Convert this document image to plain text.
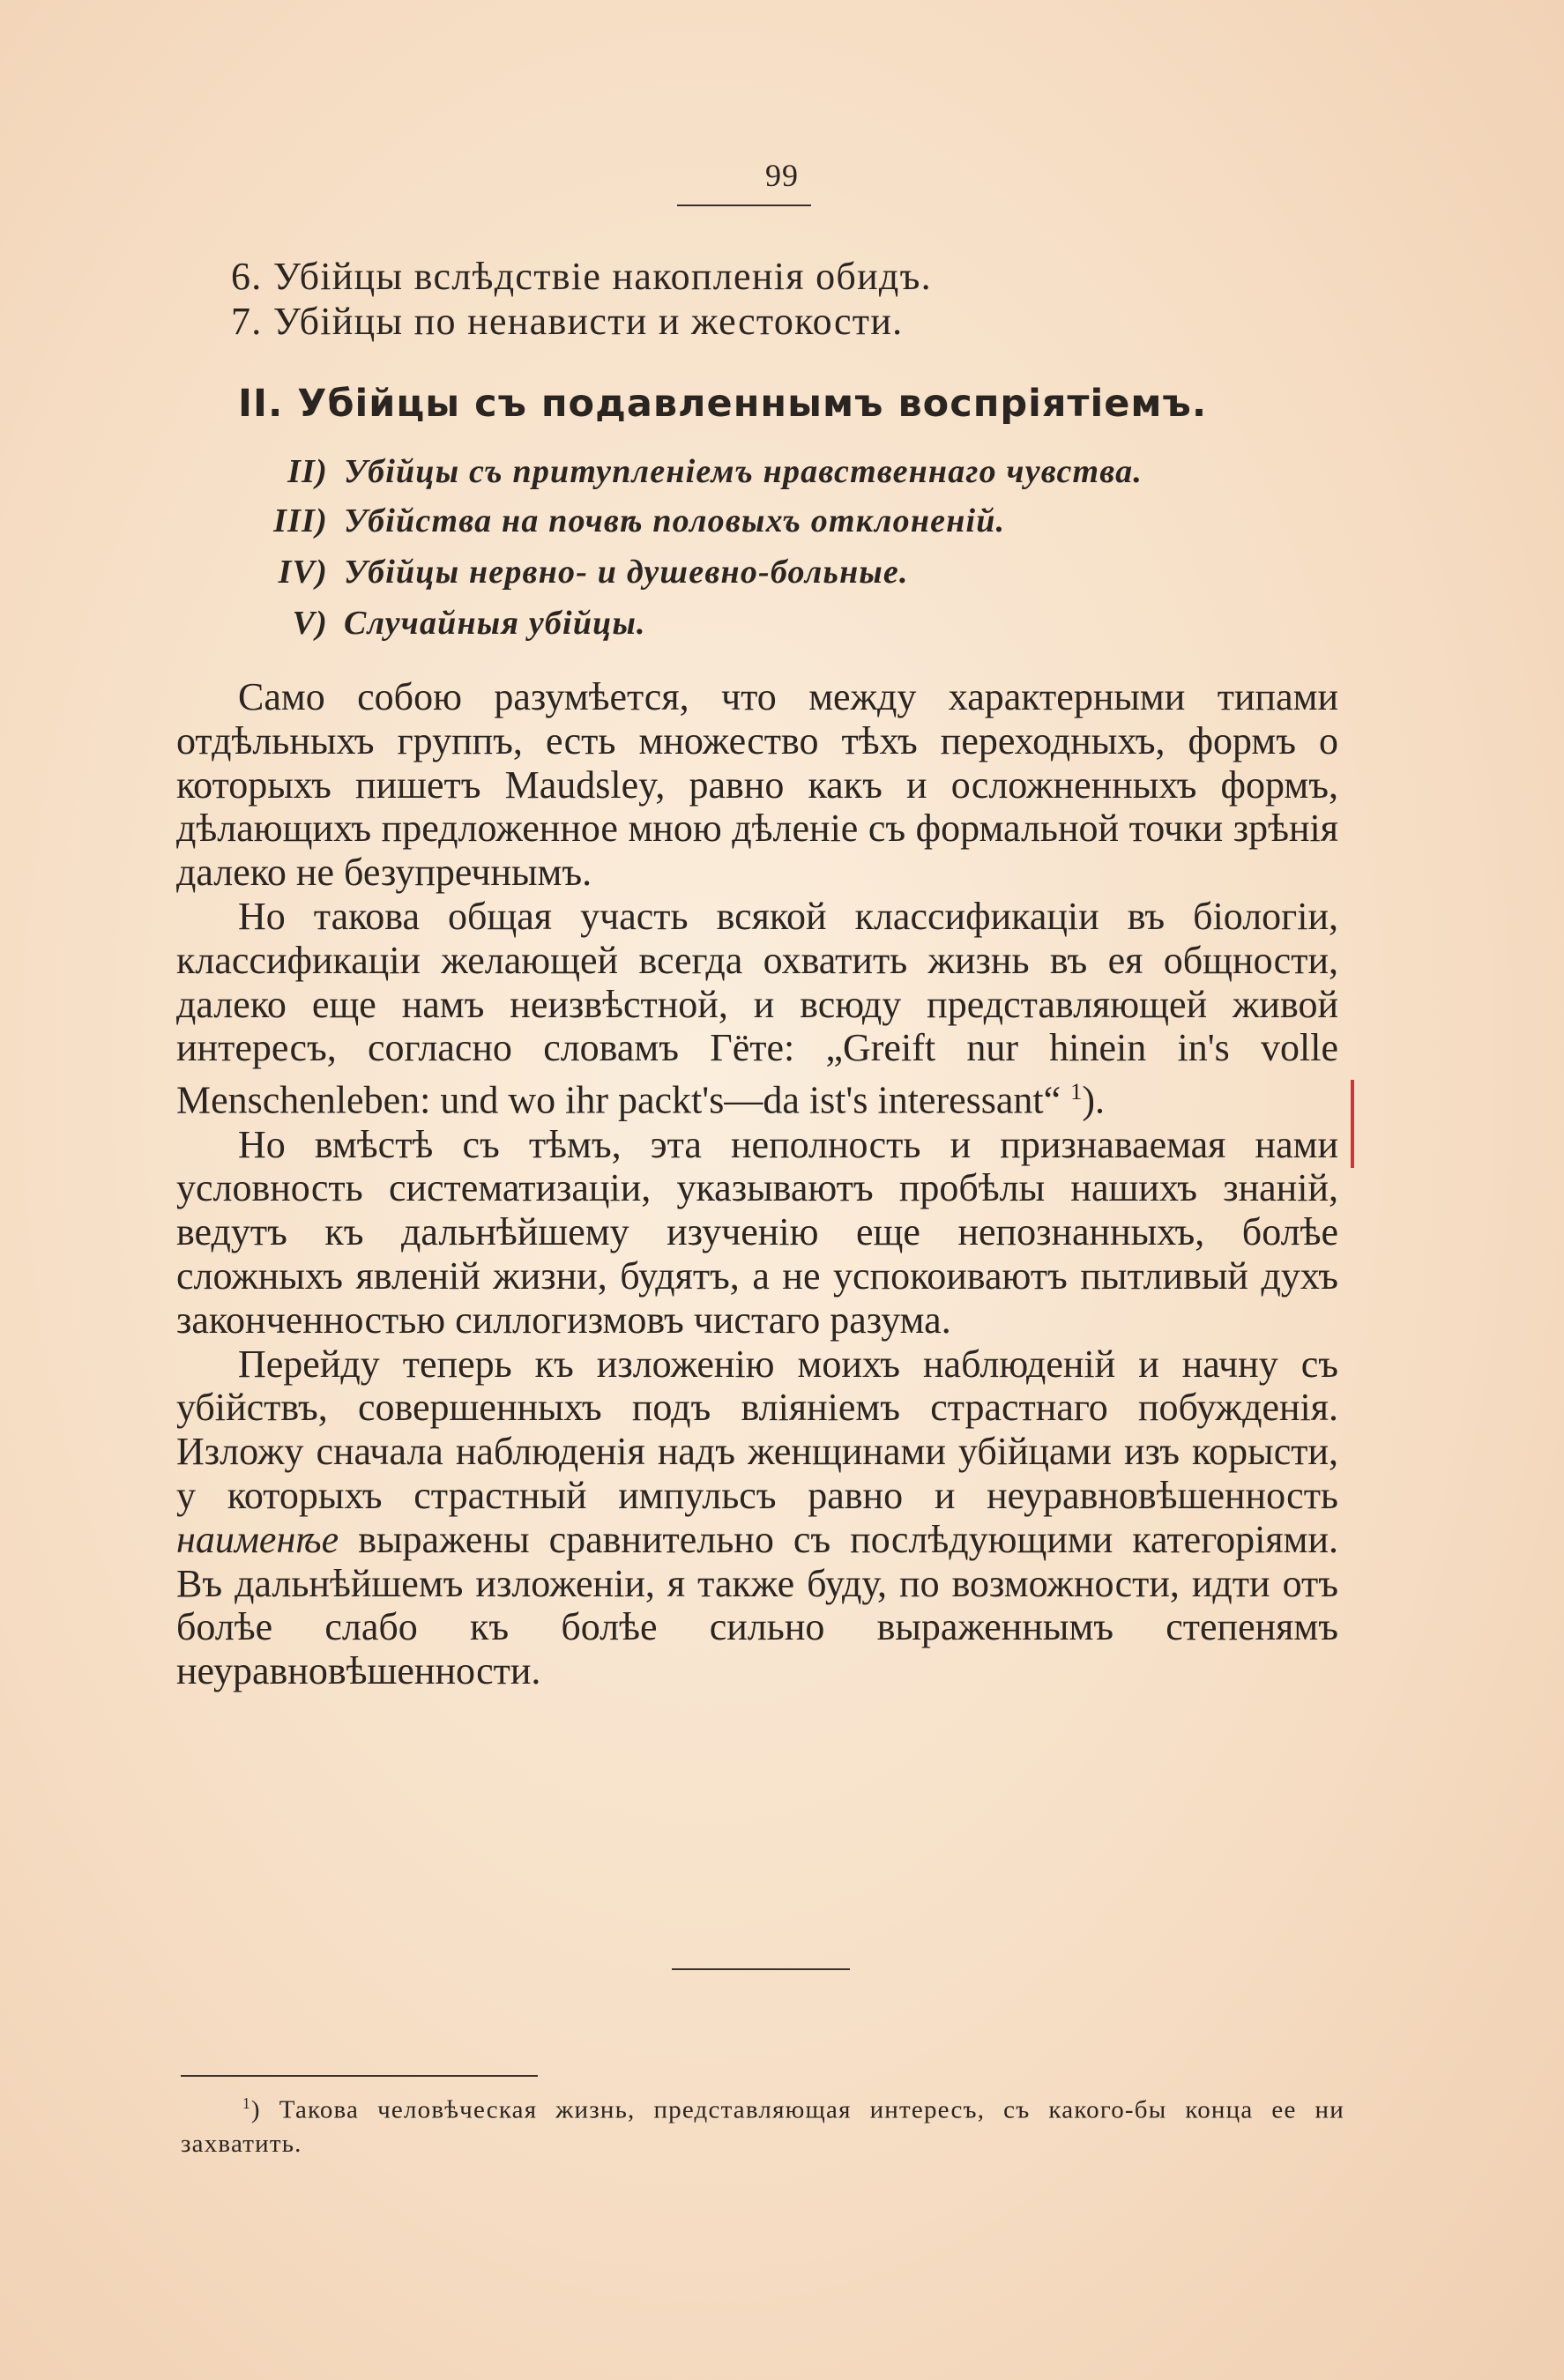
99
6. Убійцы вслѣдствіе накопленія обидъ.
7. Убійцы по ненависти и жестокости.
II. Убійцы съ подавленнымъ воспріятіемъ.
II) Убійцы съ притупленіемъ нравственнаго чувства.
III) Убійства на почвѣ половыхъ отклоненій.
IV) Убійцы нервно- и душевно-больные.
V) Случайныя убійцы.

Само собою разумѣется, что между характерными типами отдѣльныхъ группъ, есть множество тѣхъ переходныхъ, формъ о которыхъ пишетъ Maudsley, равно какъ и осложненныхъ формъ, дѣлающихъ предложенное мною дѣленіе съ формальной точки зрѣнія далеко не безупречнымъ.

Но такова общая участь всякой классификаціи въ біологіи, классификаціи желающей всегда охватить жизнь въ ея общности, далеко еще намъ неизвѣстной, и всюду представляющей живой интересъ, согласно словамъ Гёте: „Greift nur hinein in's volle Menschenleben: und wo ihr packt's—da ist's interessant“ $^1$).

Но вмѣстѣ съ тѣмъ, эта неполность и признаваемая нами условность систематизаціи, указываютъ пробѣлы нашихъ знаній, ведутъ къ дальнѣйшему изученію еще непознанныхъ, болѣе сложныхъ явленій жизни, будятъ, а не успокоиваютъ пытливый духъ законченностью силлогизмовъ чистаго разума.

Перейду теперь къ изложенію моихъ наблюденій и начну съ убійствъ, совершенныхъ подъ вліяніемъ страстнаго побужденія. Изложу сначала наблюденія надъ женщинами убійцами изъ корысти, у которыхъ страстный импульсъ равно и неуравновѣшенность наименѣе выражены сравнительно съ послѣдующими категоріями. Въ дальнѣйшемъ изложеніи, я также буду, по возможности, идти отъ болѣе слабо къ болѣе сильно выраженнымъ степенямъ неуравновѣшенности.

$^1$) Такова человѣческая жизнь, представляющая интересъ, съ какого-бы конца ее ни захватить.
